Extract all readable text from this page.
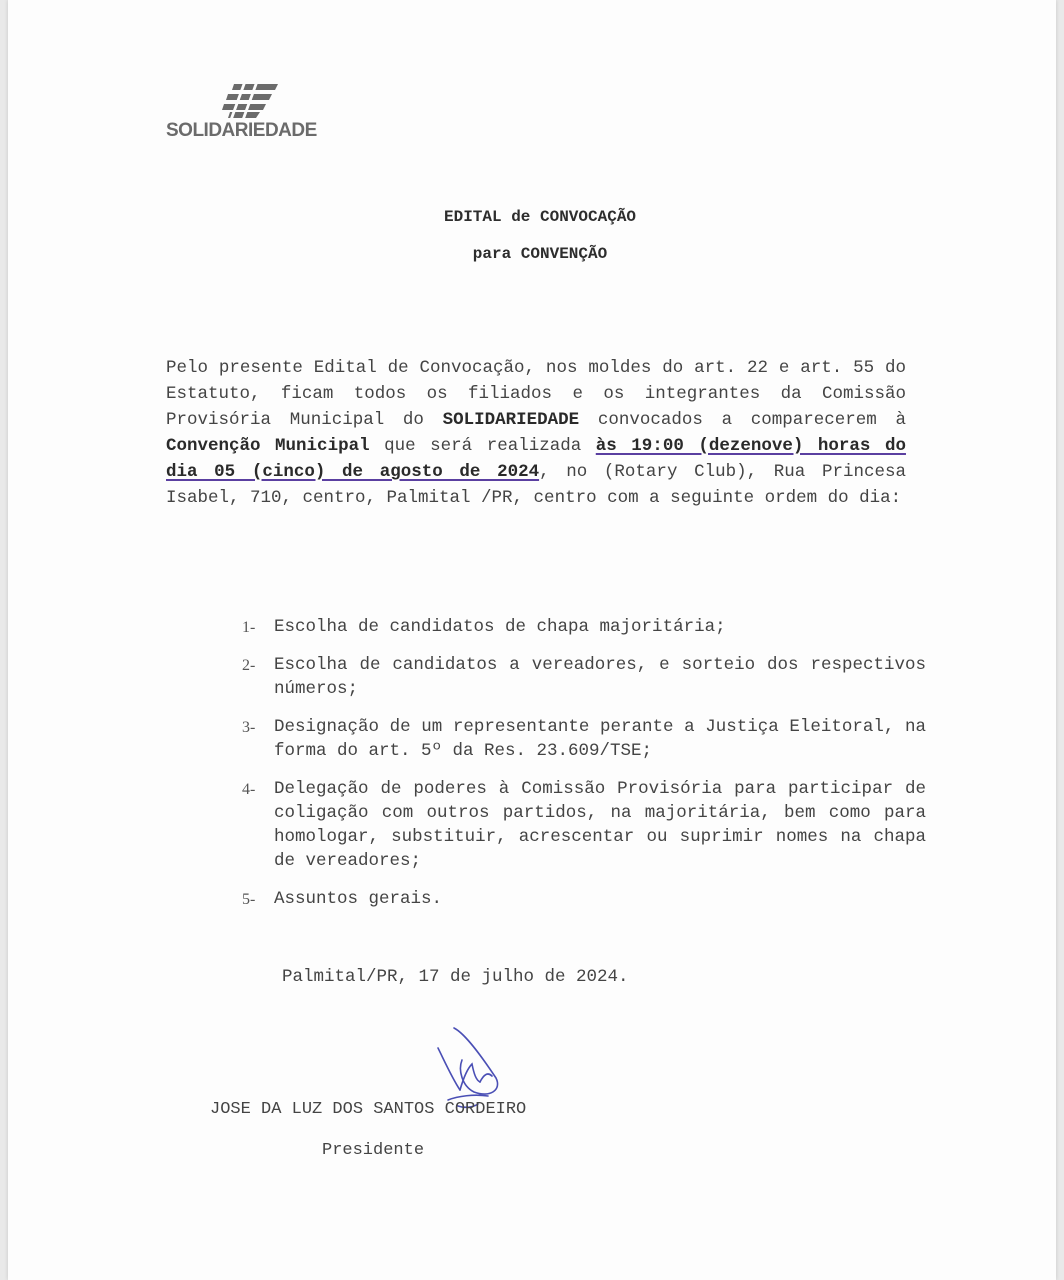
SOLIDARIEDADE
EDITAL de CONVOCAÇÃO
para CONVENÇÃO
Pelo presente Edital de Convocação, nos moldes do art. 22 e art. 55 do Estatuto, ficam todos os filiados e os integrantes da Comissão Provisória Municipal do SOLIDARIEDADE convocados a comparecerem à Convenção Municipal que será realizada às 19:00 (dezenove) horas do dia 05 (cinco) de agosto de 2024, no (Rotary Club), Rua Princesa Isabel, 710, centro, Palmital /PR, centro com a seguinte ordem do dia:
1- Escolha de candidatos de chapa majoritária;
2- Escolha de candidatos a vereadores, e sorteio dos respectivos números;
3- Designação de um representante perante a Justiça Eleitoral, na forma do art. 5º da Res. 23.609/TSE;
4- Delegação de poderes à Comissão Provisória para participar de coligação com outros partidos, na majoritária, bem como para homologar, substituir, acrescentar ou suprimir nomes na chapa de vereadores;
5- Assuntos gerais.
Palmital/PR, 17 de julho de 2024.
JOSE DA LUZ DOS SANTOS CORDEIRO
Presidente
